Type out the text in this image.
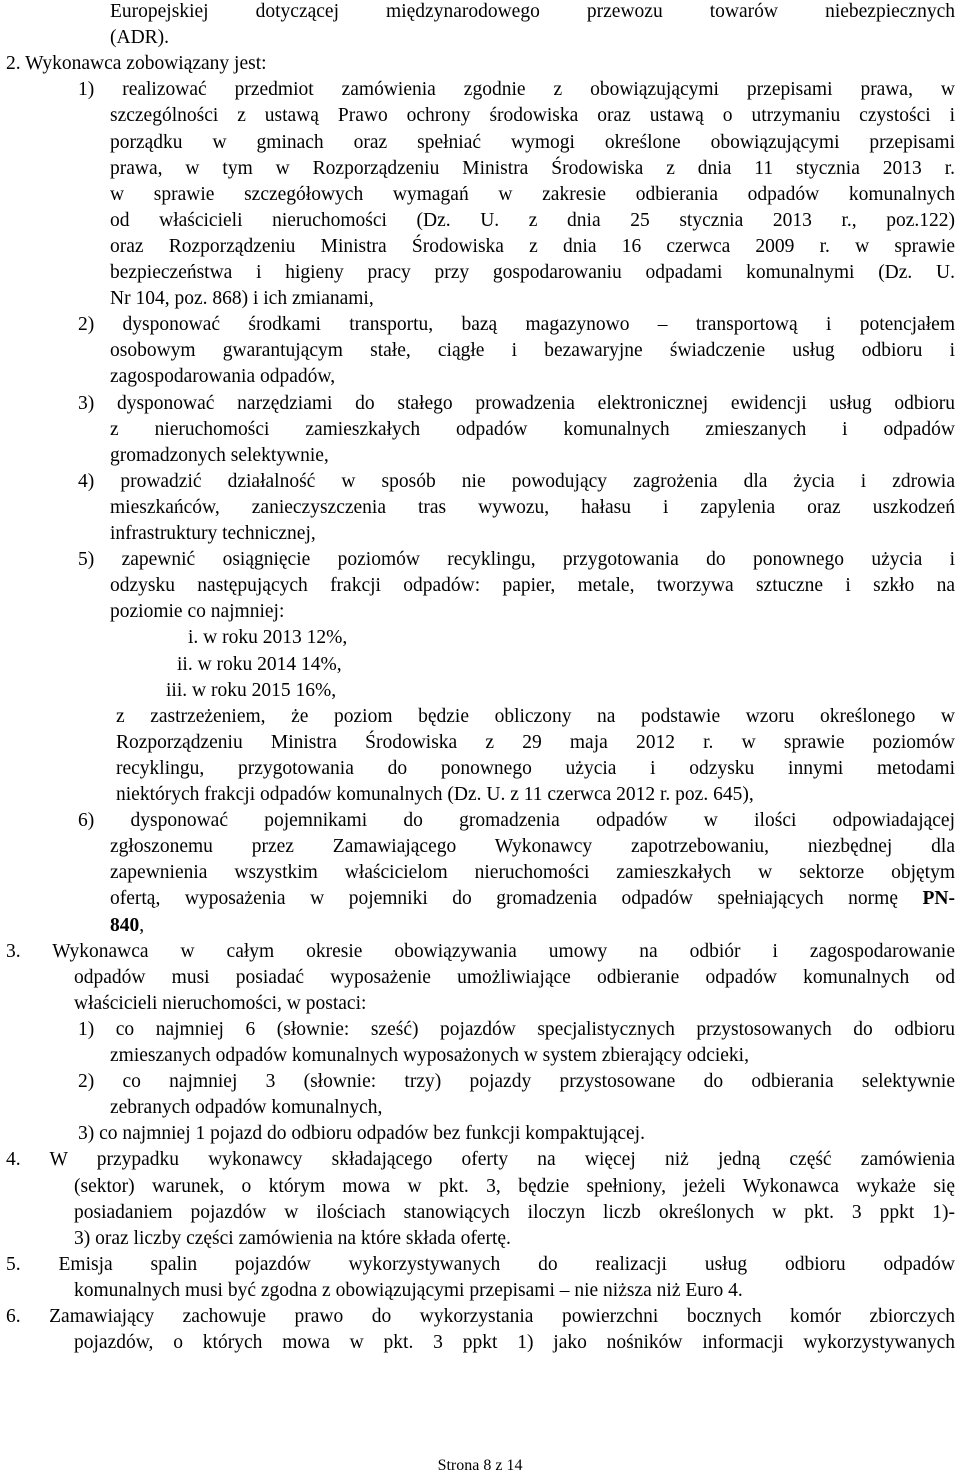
Europejskiej dotyczącej międzynarodowego przewozu towarów niebezpiecznych
(ADR).
2. Wykonawca zobowiązany jest:
1) realizować przedmiot zamówienia zgodnie z obowiązującymi przepisami prawa, w
szczególności z ustawą Prawo ochrony środowiska oraz ustawą o utrzymaniu czystości i
porządku w gminach oraz spełniać wymogi określone obowiązującymi przepisami
prawa, w tym w Rozporządzeniu Ministra Środowiska z dnia 11 stycznia 2013 r.
w sprawie szczegółowych wymagań w zakresie odbierania odpadów komunalnych
od właścicieli nieruchomości (Dz. U. z dnia 25 stycznia 2013 r., poz.122)
oraz Rozporządzeniu Ministra Środowiska z dnia 16 czerwca 2009 r. w sprawie
bezpieczeństwa i higieny pracy przy gospodarowaniu odpadami komunalnymi (Dz. U.
Nr 104, poz. 868) i ich zmianami,
2) dysponować środkami transportu, bazą magazynowo – transportową i potencjałem
osobowym gwarantującym stałe, ciągłe i bezawaryjne świadczenie usług odbioru i
zagospodarowania odpadów,
3) dysponować narzędziami do stałego prowadzenia elektronicznej ewidencji usług odbioru
z nieruchomości zamieszkałych odpadów komunalnych zmieszanych i odpadów
gromadzonych selektywnie,
4) prowadzić działalność w sposób nie powodujący zagrożenia dla życia i zdrowia
mieszkańców, zanieczyszczenia tras wywozu, hałasu i zapylenia oraz uszkodzeń
infrastruktury technicznej,
5) zapewnić osiągnięcie poziomów recyklingu, przygotowania do ponownego użycia i
odzysku następujących frakcji odpadów: papier, metale, tworzywa sztuczne i szkło na
poziomie co najmniej:
i. w roku 2013 12%,
ii. w roku 2014 14%,
iii. w roku 2015 16%,
z zastrzeżeniem, że poziom będzie obliczony na podstawie wzoru określonego w
Rozporządzeniu Ministra Środowiska z 29 maja 2012 r. w sprawie poziomów
recyklingu, przygotowania do ponownego użycia i odzysku innymi metodami
niektórych frakcji odpadów komunalnych (Dz. U. z 11 czerwca 2012 r. poz. 645),
6) dysponować pojemnikami do gromadzenia odpadów w ilości odpowiadającej
zgłoszonemu przez Zamawiającego Wykonawcy zapotrzebowaniu, niezbędnej dla
zapewnienia wszystkim właścicielom nieruchomości zamieszkałych w sektorze objętym
ofertą, wyposażenia w pojemniki do gromadzenia odpadów spełniających normę PN-
840,
3. Wykonawca w całym okresie obowiązywania umowy na odbiór i zagospodarowanie
odpadów musi posiadać wyposażenie umożliwiające odbieranie odpadów komunalnych od
właścicieli nieruchomości, w postaci:
1) co najmniej 6 (słownie: sześć) pojazdów specjalistycznych przystosowanych do odbioru
zmieszanych odpadów komunalnych wyposażonych w system zbierający odcieki,
2) co najmniej 3 (słownie: trzy) pojazdy przystosowane do odbierania selektywnie
zebranych odpadów komunalnych,
3) co najmniej 1 pojazd do odbioru odpadów bez funkcji kompaktującej.
4. W przypadku wykonawcy składającego oferty na więcej niż jedną część zamówienia
(sektor) warunek, o którym mowa w pkt. 3, będzie spełniony, jeżeli Wykonawca wykaże się
posiadaniem pojazdów w ilościach stanowiących iloczyn liczb określonych w pkt. 3 ppkt 1)-
3) oraz liczby części zamówienia na które składa ofertę.
5. Emisja spalin pojazdów wykorzystywanych do realizacji usług odbioru odpadów
komunalnych musi być zgodna z obowiązującymi przepisami – nie niższa niż Euro 4.
6. Zamawiający zachowuje prawo do wykorzystania powierzchni bocznych komór zbiorczych
pojazdów, o których mowa w pkt. 3 ppkt 1) jako nośników informacji wykorzystywanych
Strona 8 z 14
